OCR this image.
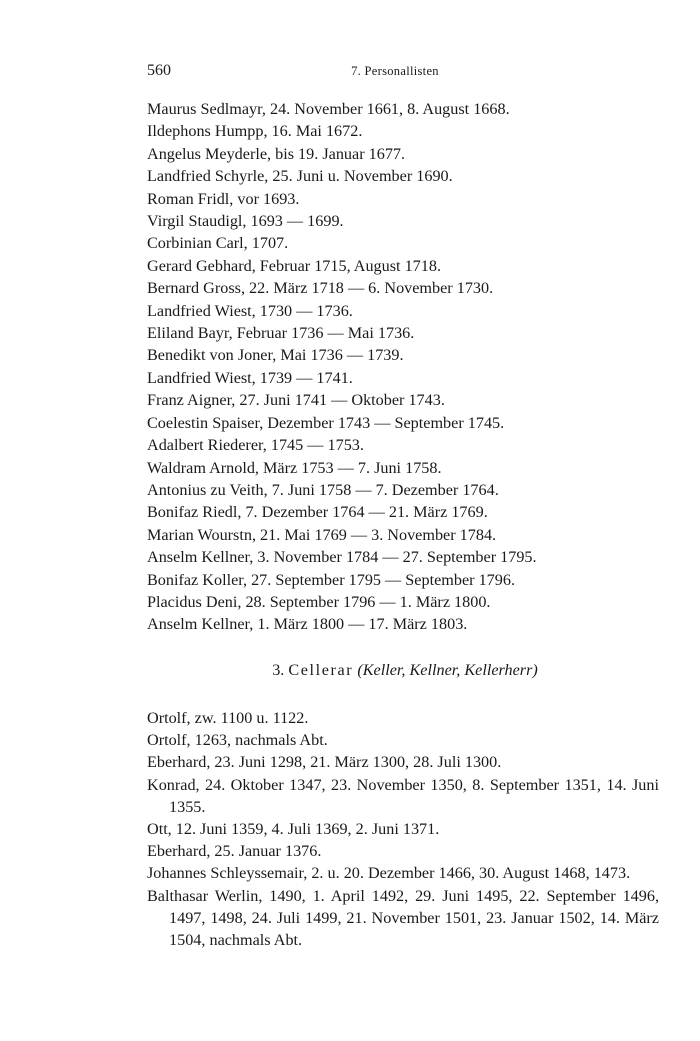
560	7. Personallisten
Maurus Sedlmayr, 24. November 1661, 8. August 1668.
Ildephons Humpp, 16. Mai 1672.
Angelus Meyderle, bis 19. Januar 1677.
Landfried Schyrle, 25. Juni u. November 1690.
Roman Fridl, vor 1693.
Virgil Staudigl, 1693 — 1699.
Corbinian Carl, 1707.
Gerard Gebhard, Februar 1715, August 1718.
Bernard Gross, 22. März 1718 — 6. November 1730.
Landfried Wiest, 1730 — 1736.
Eliland Bayr, Februar 1736 — Mai 1736.
Benedikt von Joner, Mai 1736 — 1739.
Landfried Wiest, 1739 — 1741.
Franz Aigner, 27. Juni 1741 — Oktober 1743.
Coelestin Spaiser, Dezember 1743 — September 1745.
Adalbert Riederer, 1745 — 1753.
Waldram Arnold, März 1753 — 7. Juni 1758.
Antonius zu Veith, 7. Juni 1758 — 7. Dezember 1764.
Bonifaz Riedl, 7. Dezember 1764 — 21. März 1769.
Marian Wourstn, 21. Mai 1769 — 3. November 1784.
Anselm Kellner, 3. November 1784 — 27. September 1795.
Bonifaz Koller, 27. September 1795 — September 1796.
Placidus Deni, 28. September 1796 — 1. März 1800.
Anselm Kellner, 1. März 1800 — 17. März 1803.
3. Cellerar (Keller, Kellner, Kellerherr)
Ortolf, zw. 1100 u. 1122.
Ortolf, 1263, nachmals Abt.
Eberhard, 23. Juni 1298, 21. März 1300, 28. Juli 1300.
Konrad, 24. Oktober 1347, 23. November 1350, 8. September 1351, 14. Juni 1355.
Ott, 12. Juni 1359, 4. Juli 1369, 2. Juni 1371.
Eberhard, 25. Januar 1376.
Johannes Schleyssemair, 2. u. 20. Dezember 1466, 30. August 1468, 1473.
Balthasar Werlin, 1490, 1. April 1492, 29. Juni 1495, 22. September 1496, 1497, 1498, 24. Juli 1499, 21. November 1501, 23. Januar 1502, 14. März 1504, nachmals Abt.
